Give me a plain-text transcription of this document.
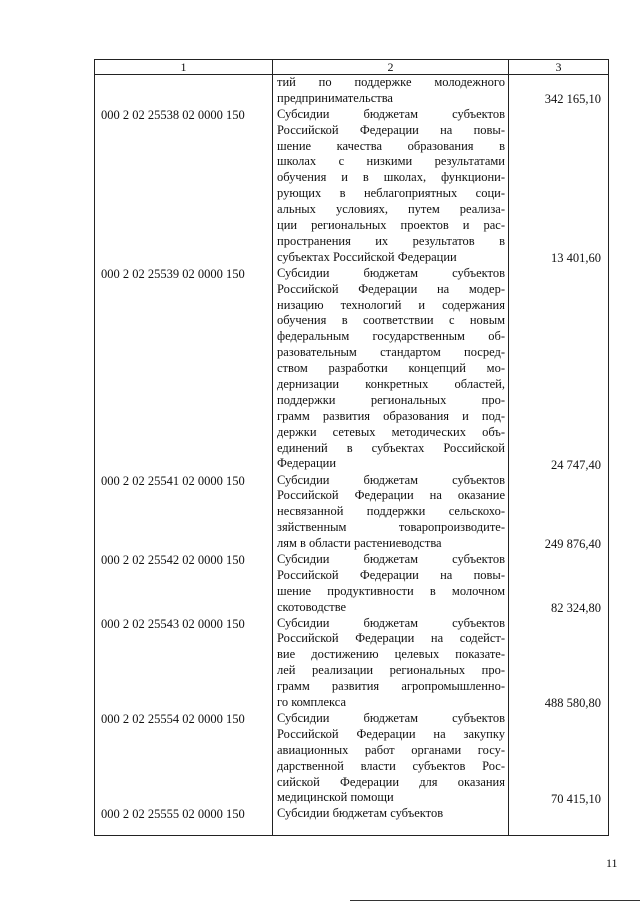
1	2	3
тий по поддержке молодежного
предпринимательства	342 165,10
000 2 02 25538 02 0000 150	Субсидии бюджетам субъектов
Российской Федерации на повы-
шение качества образования в
школах с низкими результатами
обучения и в школах, функциони-
рующих в неблагоприятных соци-
альных условиях, путем реализа-
ции региональных проектов и рас-
пространения их результатов в
субъектах Российской Федерации	13 401,60
000 2 02 25539 02 0000 150	Субсидии бюджетам субъектов
Российской Федерации на модер-
низацию технологий и содержания
обучения в соответствии с новым
федеральным государственным об-
разовательным стандартом посред-
ством разработки концепций мо-
дернизации конкретных областей,
поддержки региональных про-
грамм развития образования и под-
держки сетевых методических объ-
единений в субъектах Российской
Федерации	24 747,40
000 2 02 25541 02 0000 150	Субсидии бюджетам субъектов
Российской Федерации на оказание
несвязанной поддержки сельскохо-
зяйственным товаропроизводите-
лям в области растениеводства	249 876,40
000 2 02 25542 02 0000 150	Субсидии бюджетам субъектов
Российской Федерации на повы-
шение продуктивности в молочном
скотоводстве	82 324,80
000 2 02 25543 02 0000 150	Субсидии бюджетам субъектов
Российской Федерации на содейст-
вие достижению целевых показате-
лей реализации региональных про-
грамм развития агропромышленно-
го комплекса	488 580,80
000 2 02 25554 02 0000 150	Субсидии бюджетам субъектов
Российской Федерации на закупку
авиационных работ органами госу-
дарственной власти субъектов Рос-
сийской Федерации для оказания
медицинской помощи	70 415,10
000 2 02 25555 02 0000 150	Субсидии бюджетам субъектов
11
